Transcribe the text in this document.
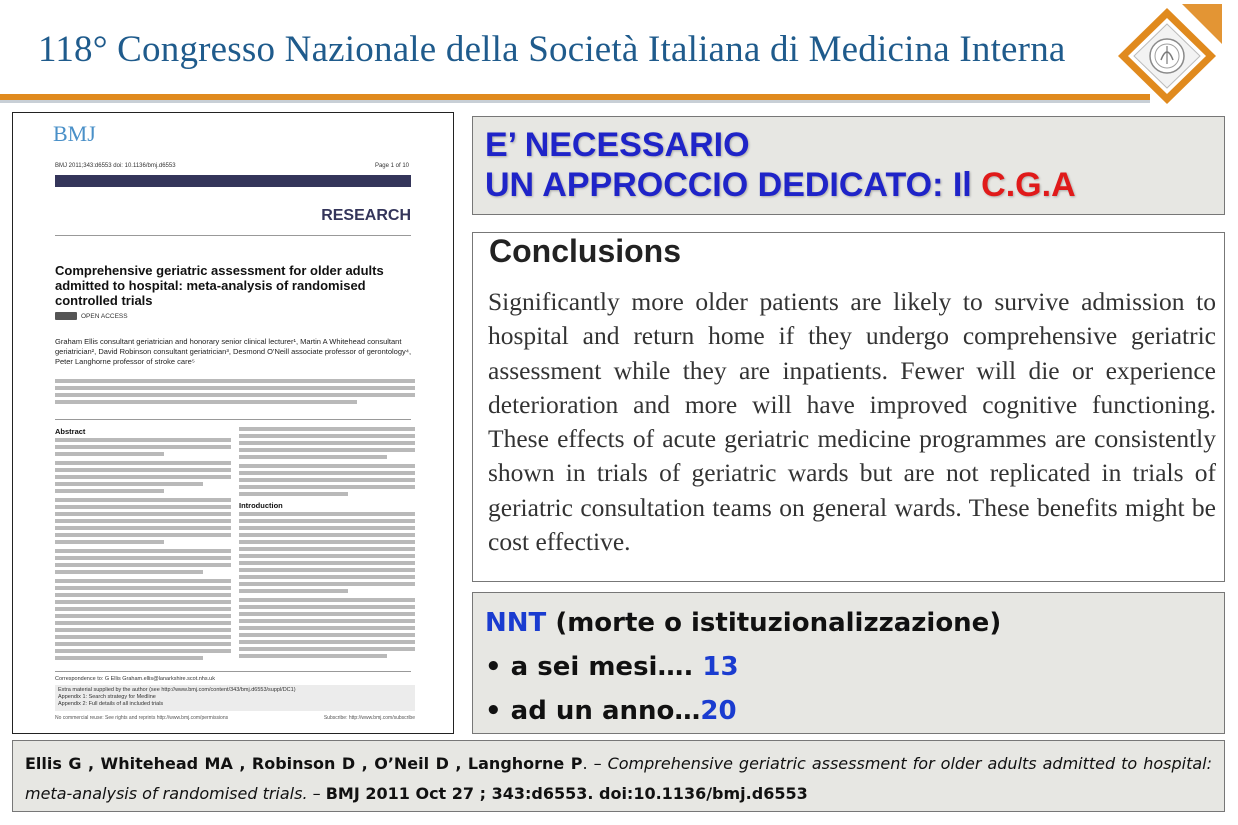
118° Congresso Nazionale della Società Italiana di Medicina Interna
BMJ
BMJ 2011;343:d6553 doi: 10.1136/bmj.d6553	Page 1 of 10
RESEARCH
Comprehensive geriatric assessment for older adults admitted to hospital: meta-analysis of randomised controlled trials
OPEN ACCESS
Graham Ellis consultant geriatrician and honorary senior clinical lecturer¹, Martin A Whitehead consultant geriatrician², David Robinson consultant geriatrician³, Desmond O'Neill associate professor of gerontology⁴, Peter Langhorne professor of stroke care⁵
Abstract
Introduction
Correspondence to: G Ellis Graham.ellis@lanarkshire.scot.nhs.uk
Extra material supplied by the author (see http://www.bmj.com/content/343/bmj.d6553/suppl/DC1)
Appendix 1: Search strategy for Medline
Appendix 2: Full details of all included trials
No commercial reuse: See rights and reprints http://www.bmj.com/permissions	Subscribe: http://www.bmj.com/subscribe
E’ NECESSARIO
UN APPROCCIO DEDICATO: Il C.G.A
Conclusions
Significantly more older patients are likely to survive admission to hospital and return home if they undergo comprehensive geriatric assessment while they are inpatients. Fewer will die or experience deterioration and more will have improved cognitive functioning. These effects of acute geriatric medicine programmes are consistently shown in trials of geriatric wards but are not replicated in trials of geriatric consultation teams on general wards. These benefits might be cost effective.
NNT (morte o istituzionalizzazione)
• a sei mesi…. 13
• ad un anno…20
Ellis G , Whitehead MA , Robinson D , O’Neil D , Langhorne P. – Comprehensive geriatric assessment for older adults admitted to hospital: meta-analysis of randomised trials. – BMJ 2011 Oct 27 ; 343:d6553. doi:10.1136/bmj.d6553
